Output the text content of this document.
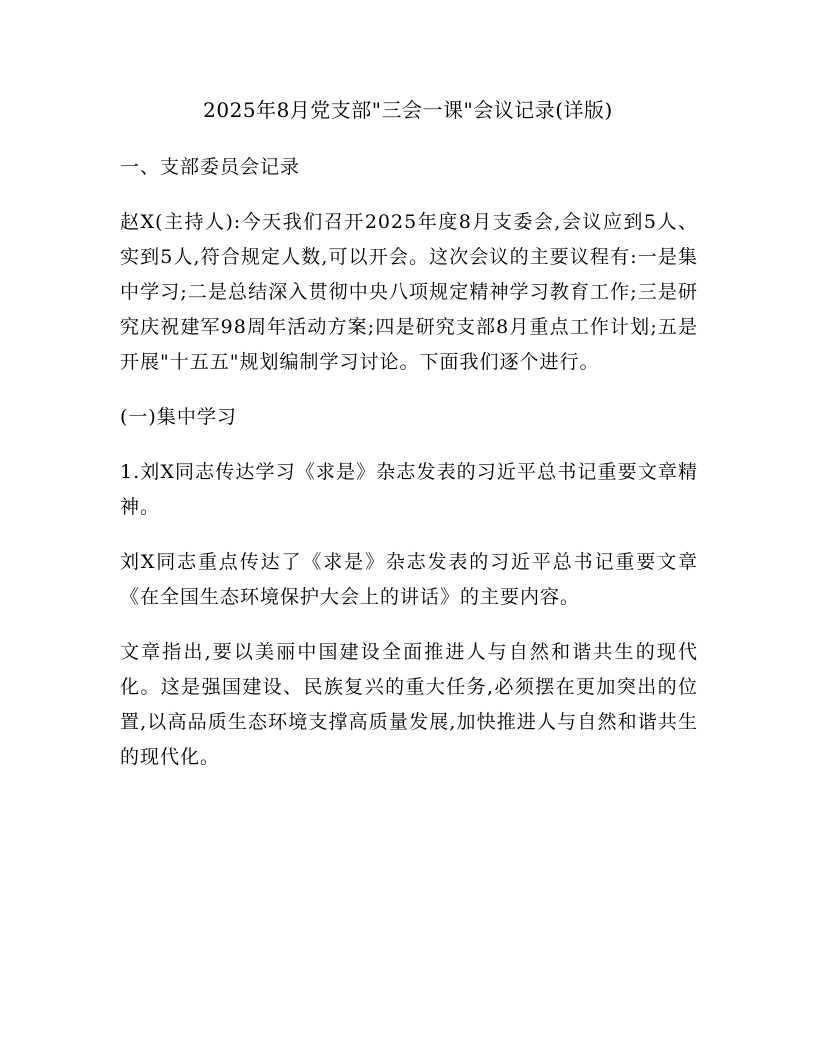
2025年8月党支部"三会一课"会议记录(详版)

一、支部委员会记录

赵X(主持人):今天我们召开2025年度8月支委会,会议应到5人、实到5人,符合规定人数,可以开会。这次会议的主要议程有:一是集中学习;二是总结深入贯彻中央八项规定精神学习教育工作;三是研究庆祝建军98周年活动方案;四是研究支部8月重点工作计划;五是开展"十五五"规划编制学习讨论。下面我们逐个进行。

(一)集中学习

1.刘X同志传达学习《求是》杂志发表的习近平总书记重要文章精神。

刘X同志重点传达了《求是》杂志发表的习近平总书记重要文章《在全国生态环境保护大会上的讲话》的主要内容。

文章指出,要以美丽中国建设全面推进人与自然和谐共生的现代化。这是强国建设、民族复兴的重大任务,必须摆在更加突出的位置,以高品质生态环境支撑高质量发展,加快推进人与自然和谐共生的现代化。
